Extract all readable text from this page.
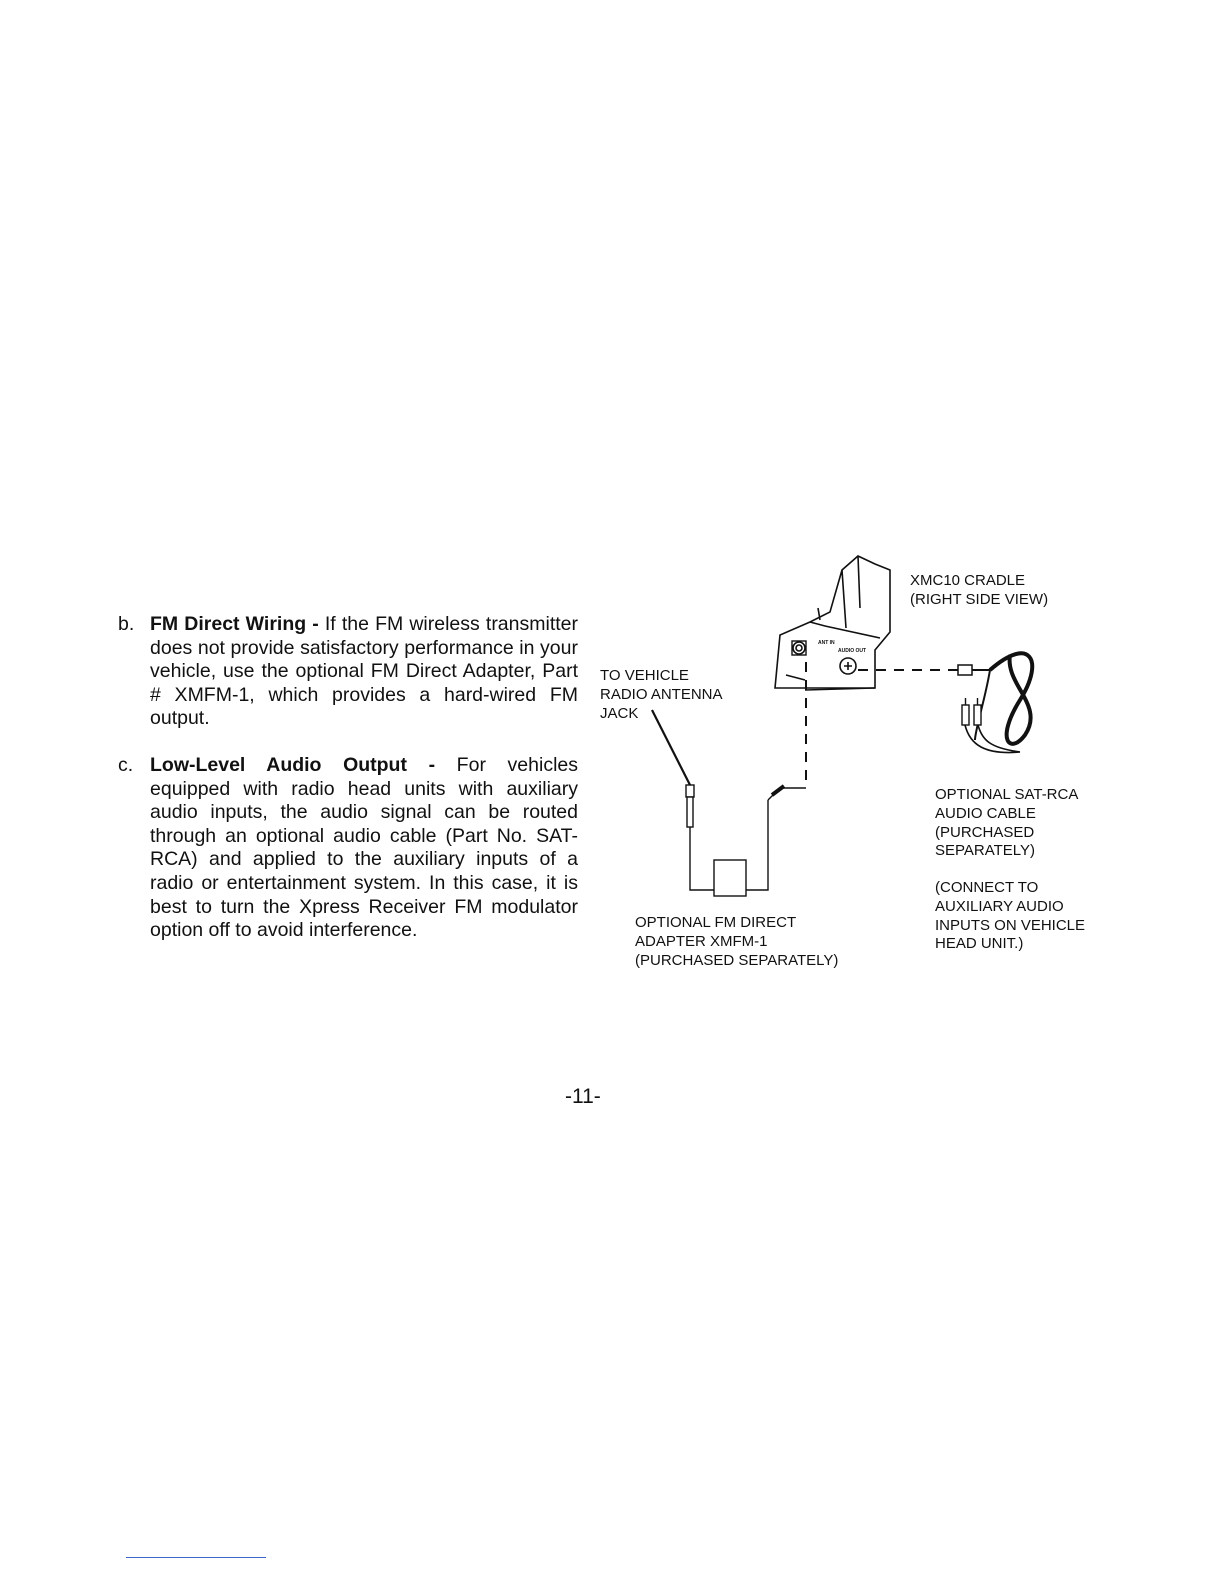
b. FM Direct Wiring - If the FM wireless transmitter does not provide satisfactory performance in your vehicle, use the optional FM Direct Adapter, Part # XMFM-1, which provides a hard-wired FM output.
c. Low-Level Audio Output - For vehicles equipped with radio head units with auxiliary audio inputs, the audio signal can be routed through an optional audio cable (Part No. SAT-RCA) and applied to the auxiliary inputs of a radio or entertainment system. In this case, it is best to turn the Xpress Receiver FM modulator option off to avoid interference.
XMC10 CRADLE
(RIGHT SIDE VIEW)
TO VEHICLE
RADIO ANTENNA
JACK
OPTIONAL SAT-RCA
AUDIO CABLE
(PURCHASED
SEPARATELY)
(CONNECT TO
AUXILIARY AUDIO
INPUTS ON VEHICLE
HEAD UNIT.)
OPTIONAL FM DIRECT
ADAPTER XMFM-1
(PURCHASED SEPARATELY)
ANT IN
AUDIO OUT
-11-
